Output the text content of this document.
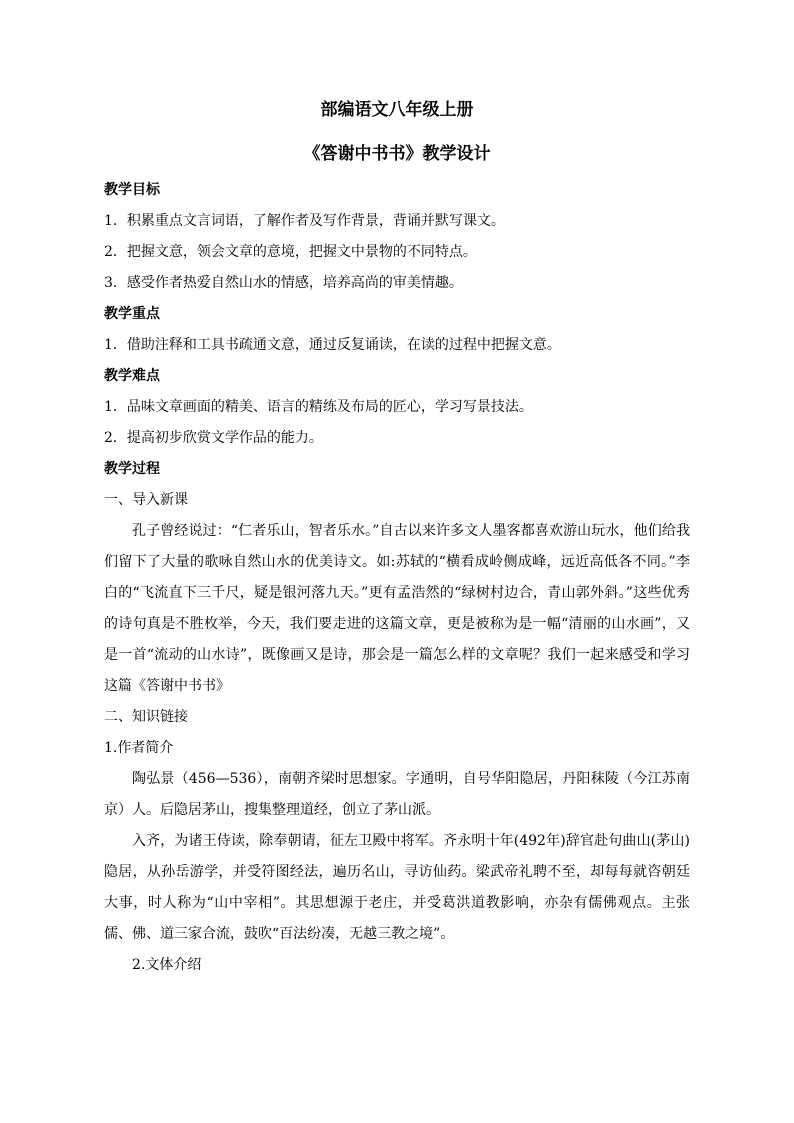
部编语文八年级上册

《答谢中书书》教学设计

教学目标

1．积累重点文言词语，了解作者及写作背景，背诵并默写课文。

2．把握文意，领会文章的意境，把握文中景物的不同特点。

3．感受作者热爱自然山水的情感，培养高尚的审美情趣。

教学重点

1．借助注释和工具书疏通文意，通过反复诵读，在读的过程中把握文意。

教学难点

1．品味文章画面的精美、语言的精练及布局的匠心，学习写景技法。

2．提高初步欣赏文学作品的能力。

教学过程

一、导入新课

孔子曾经说过：“仁者乐山，智者乐水。”自古以来许多文人墨客都喜欢游山玩水，他们给我们留下了大量的歌咏自然山水的优美诗文。如:苏轼的“横看成岭侧成峰，远近高低各不同。”李白的“飞流直下三千尺，疑是银河落九天。”更有孟浩然的“绿树村边合，青山郭外斜。”这些优秀的诗句真是不胜枚举，今天，我们要走进的这篇文章，更是被称为是一幅“清丽的山水画”，又是一首“流动的山水诗”，既像画又是诗，那会是一篇怎么样的文章呢？我们一起来感受和学习这篇《答谢中书书》

二、知识链接

1.作者简介

陶弘景（456—536），南朝齐梁时思想家。字通明，自号华阳隐居，丹阳秣陵（今江苏南京）人。后隐居茅山，搜集整理道经，创立了茅山派。

入齐，为诸王侍读，除奉朝请，征左卫殿中将军。齐永明十年(492年)辞官赴句曲山(茅山)隐居，从孙岳游学，并受符图经法，遍历名山，寻访仙药。梁武帝礼聘不至，却每每就咨朝廷大事，时人称为“山中宰相”。其思想源于老庄，并受葛洪道教影响，亦杂有儒佛观点。主张儒、佛、道三家合流，鼓吹“百法纷凑，无越三教之境”。

2.文体介绍
